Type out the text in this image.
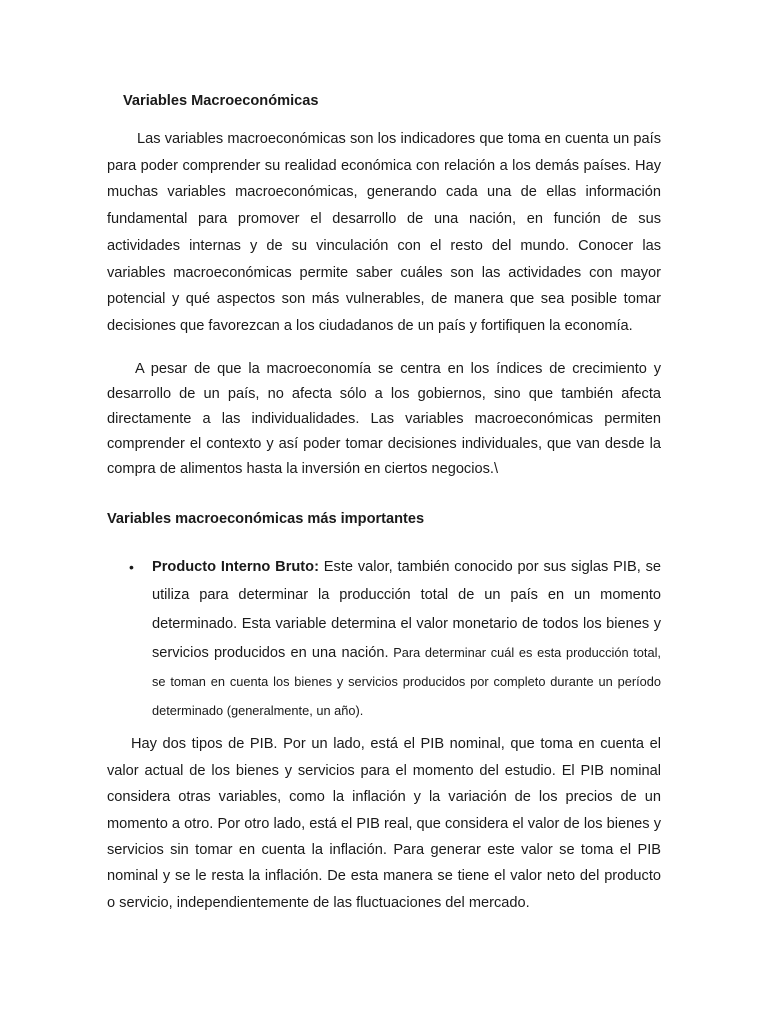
Variables Macroeconómicas

Las variables macroeconómicas son los indicadores que toma en cuenta un país para poder comprender su realidad económica con relación a los demás países. Hay muchas variables macroeconómicas, generando cada una de ellas información fundamental para promover el desarrollo de una nación, en función de sus actividades internas y de su vinculación con el resto del mundo. Conocer las variables macroeconómicas permite saber cuáles son las actividades con mayor potencial y qué aspectos son más vulnerables, de manera que sea posible tomar decisiones que favorezcan a los ciudadanos de un país y fortifiquen la economía.

A pesar de que la macroeconomía se centra en los índices de crecimiento y desarrollo de un país, no afecta sólo a los gobiernos, sino que también afecta directamente a las individualidades. Las variables macroeconómicas permiten comprender el contexto y así poder tomar decisiones individuales, que van desde la compra de alimentos hasta la inversión en ciertos negocios.\

Variables macroeconómicas más importantes
• Producto Interno Bruto: Este valor, también conocido por sus siglas PIB, se utiliza para determinar la producción total de un país en un momento determinado. Esta variable determina el valor monetario de todos los bienes y servicios producidos en una nación. Para determinar cuál es esta producción total, se toman en cuenta los bienes y servicios producidos por completo durante un período determinado (generalmente, un año).

Hay dos tipos de PIB. Por un lado, está el PIB nominal, que toma en cuenta el valor actual de los bienes y servicios para el momento del estudio. El PIB nominal considera otras variables, como la inflación y la variación de los precios de un momento a otro. Por otro lado, está el PIB real, que considera el valor de los bienes y servicios sin tomar en cuenta la inflación. Para generar este valor se toma el PIB nominal y se le resta la inflación. De esta manera se tiene el valor neto del producto o servicio, independientemente de las fluctuaciones del mercado.
